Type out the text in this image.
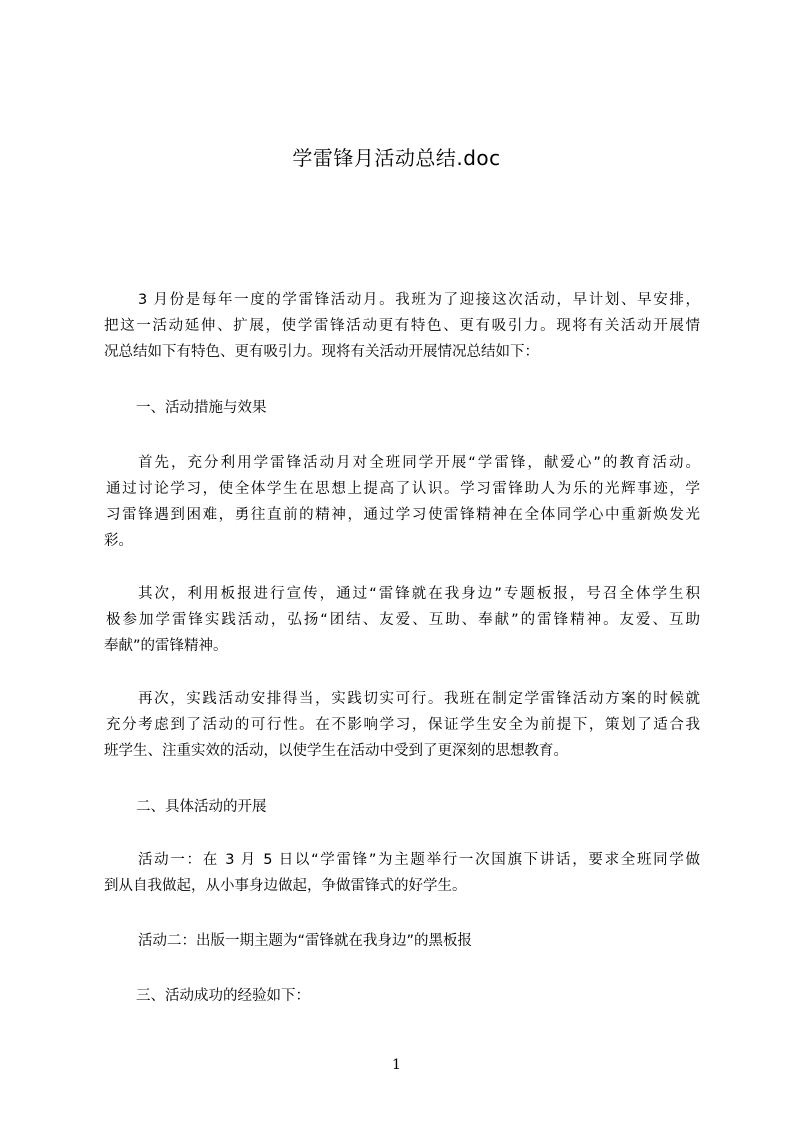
学雷锋月活动总结.doc
3 月份是每年一度的学雷锋活动月。我班为了迎接这次活动，早计划、早安排，
把这一活动延伸、扩展，使学雷锋活动更有特色、更有吸引力。现将有关活动开展情
况总结如下有特色、更有吸引力。现将有关活动开展情况总结如下：
一、活动措施与效果
首先，充分利用学雷锋活动月对全班同学开展“学雷锋，献爱心”的教育活动。
通过讨论学习，使全体学生在思想上提高了认识。学习雷锋助人为乐的光辉事迹，学
习雷锋遇到困难，勇往直前的精神，通过学习使雷锋精神在全体同学心中重新焕发光
彩。
其次，利用板报进行宣传，通过“雷锋就在我身边”专题板报，号召全体学生积
极参加学雷锋实践活动，弘扬“团结、友爱、互助、奉献”的雷锋精神。友爱、互助
奉献”的雷锋精神。
再次，实践活动安排得当，实践切实可行。我班在制定学雷锋活动方案的时候就
充分考虑到了活动的可行性。在不影响学习，保证学生安全为前提下，策划了适合我
班学生、注重实效的活动，以使学生在活动中受到了更深刻的思想教育。
二、具体活动的开展
活动一：在 3 月 5 日以“学雷锋”为主题举行一次国旗下讲话，要求全班同学做
到从自我做起，从小事身边做起，争做雷锋式的好学生。
活动二：出版一期主题为“雷锋就在我身边”的黑板报
三、活动成功的经验如下：
1
